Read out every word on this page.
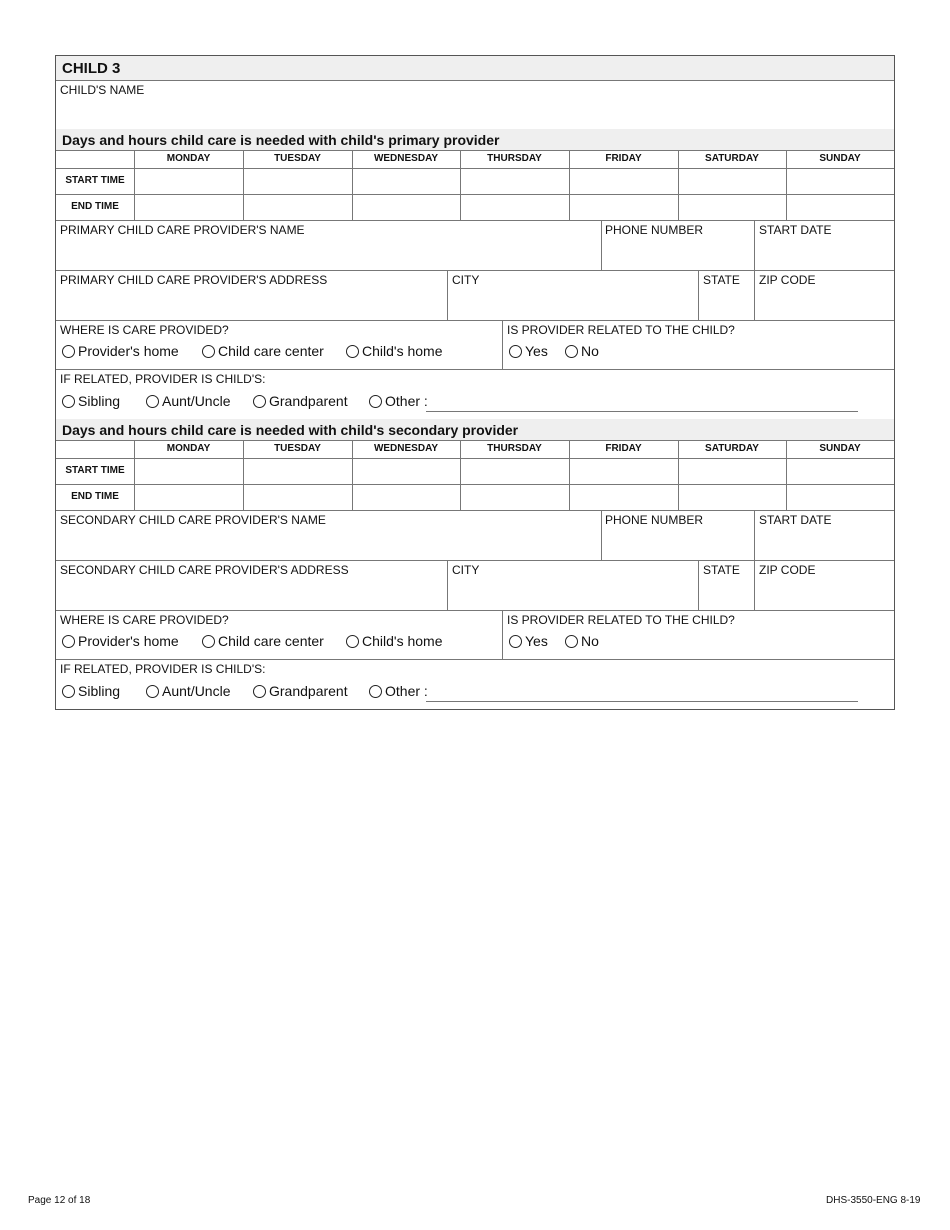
CHILD 3
CHILD'S NAME
Days and hours child care is needed with child's primary provider
MONDAY	TUESDAY	WEDNESDAY	THURSDAY	FRIDAY	SATURDAY	SUNDAY
START TIME
END TIME
PRIMARY CHILD CARE PROVIDER'S NAME	PHONE NUMBER	START DATE
PRIMARY CHILD CARE PROVIDER'S ADDRESS	CITY	STATE ZIP CODE
WHERE IS CARE PROVIDED?
Provider's home	Child care center	Child's home
IS PROVIDER RELATED TO THE CHILD?
Yes No
IF RELATED, PROVIDER IS CHILD'S:
Sibling	Aunt/Uncle	Grandparent	Other :
Days and hours child care is needed with child's secondary provider
MONDAY	TUESDAY	WEDNESDAY	THURSDAY	FRIDAY	SATURDAY	SUNDAY
START TIME
END TIME
SECONDARY CHILD CARE PROVIDER'S NAME	PHONE NUMBER	START DATE
SECONDARY CHILD CARE PROVIDER'S ADDRESS	CITY	STATE ZIP CODE
WHERE IS CARE PROVIDED?
Provider's home	Child care center	Child's home
IS PROVIDER RELATED TO THE CHILD?
Yes No
IF RELATED, PROVIDER IS CHILD'S:
Sibling	Aunt/Uncle	Grandparent	Other :
Page 12 of 18	DHS-3550-ENG 8-19
